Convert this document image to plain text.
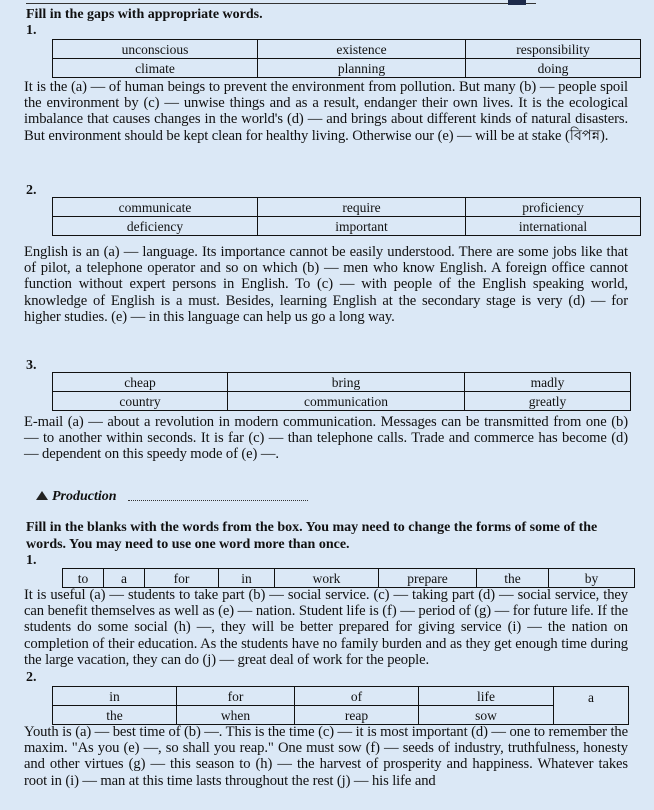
Fill in the gaps with appropriate words.
1.
unconscious	existence	responsibility
climate	planning	doing
It is the (a) — of human beings to prevent the environment from pollution. But many (b) — people spoil the environment by (c) — unwise things and as a result, endanger their own lives. It is the ecological imbalance that causes changes in the world's (d) — and brings about different kinds of natural disasters. But environment should be kept clean for healthy living. Otherwise our (e) — will be at stake (বিপন্ন).
2.
communicate	require	proficiency
deficiency	important	international
English is an (a) — language. Its importance cannot be easily understood. There are some jobs like that of pilot, a telephone operator and so on which (b) — men who know English. A foreign office cannot function without expert persons in English. To (c) — with people of the English speaking world, knowledge of English is a must. Besides, learning English at the secondary stage is very (d) — for higher studies. (e) — in this language can help us go a long way.
3.
cheap	bring	madly
country	communication	greatly
E-mail (a) — about a revolution in modern communication. Messages can be transmitted from one (b) — to another within seconds. It is far (c) — than telephone calls. Trade and commerce has become (d) — dependent on this speedy mode of (e) —.
Production
Fill in the blanks with the words from the box. You may need to change the forms of some of the words. You may need to use one word more than once.
1.
to	a	for	in	work	prepare	the	by
It is useful (a) — students to take part (b) — social service. (c) — taking part (d) — social service, they can benefit themselves as well as (e) — nation. Student life is (f) — period of (g) — for future life. If the students do some social (h) —, they will be better prepared for giving service (i) — the nation on completion of their education. As the students have no family burden and as they get enough time during the large vacation, they can do (j) — great deal of work for the people.
2.
in	for	of	life	a
the	when	reap	sow	
Youth is (a) — best time of (b) —. This is the time (c) — it is most important (d) — one to remember the maxim. "As you (e) —, so shall you reap." One must sow (f) — seeds of industry, truthfulness, honesty and other virtues (g) — this season to (h) — the harvest of prosperity and happiness. Whatever takes root in (i) — man at this time lasts throughout the rest (j) — his life and
